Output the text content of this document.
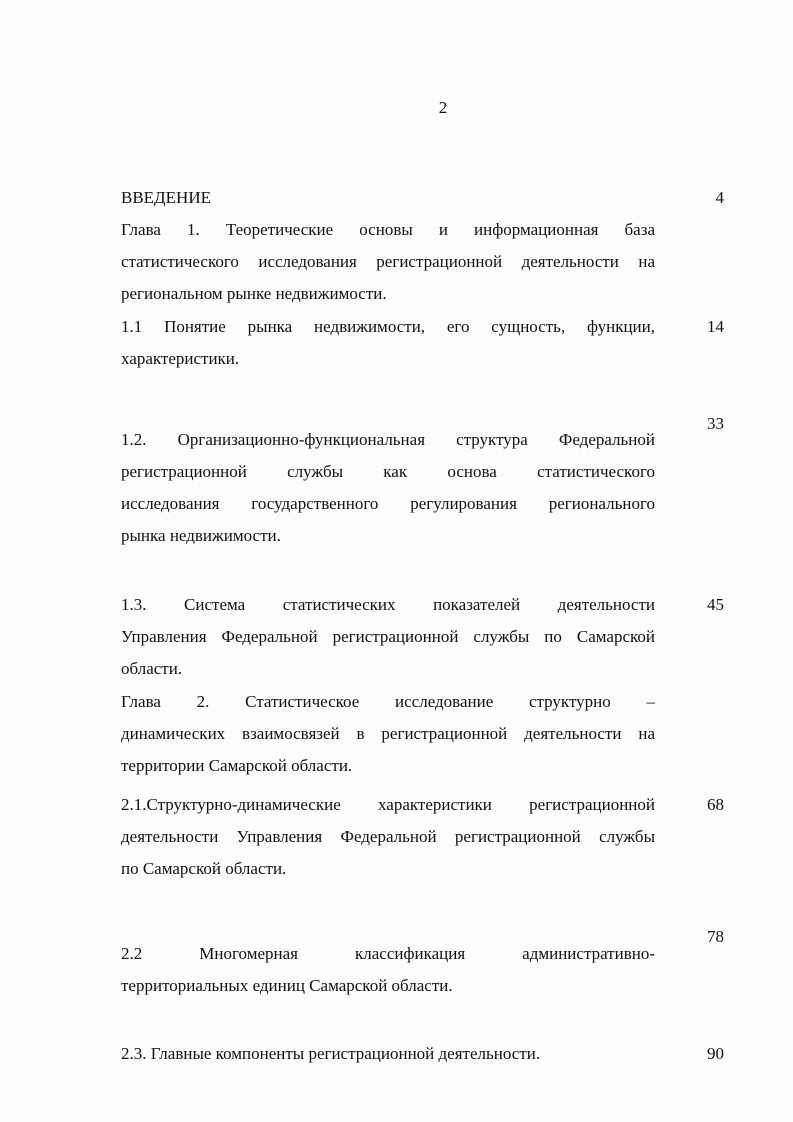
2
ВВЕДЕНИЕ	4
Глава 1. Теоретические основы и информационная база
статистического исследования регистрационной деятельности на
региональном рынке недвижимости.
1.1 Понятие рынка недвижимости, его сущность, функции,
характеристики.
14
33
1.2. Организационно-функциональная структура Федеральной
регистрационной службы как основа статистического
исследования государственного регулирования регионального
рынка недвижимости.
1.3. Система статистических показателей деятельности
Управления Федеральной регистрационной службы по Самарской
области.
45
Глава 2. Статистическое исследование структурно –
динамических взаимосвязей в регистрационной деятельности на
территории Самарской области.
2.1.Структурно-динамические характеристики регистрационной
деятельности Управления Федеральной регистрационной службы
по Самарской области.
68
78
2.2 Многомерная классификация административно-
территориальных единиц Самарской области.
2.3. Главные компоненты регистрационной деятельности.	90
